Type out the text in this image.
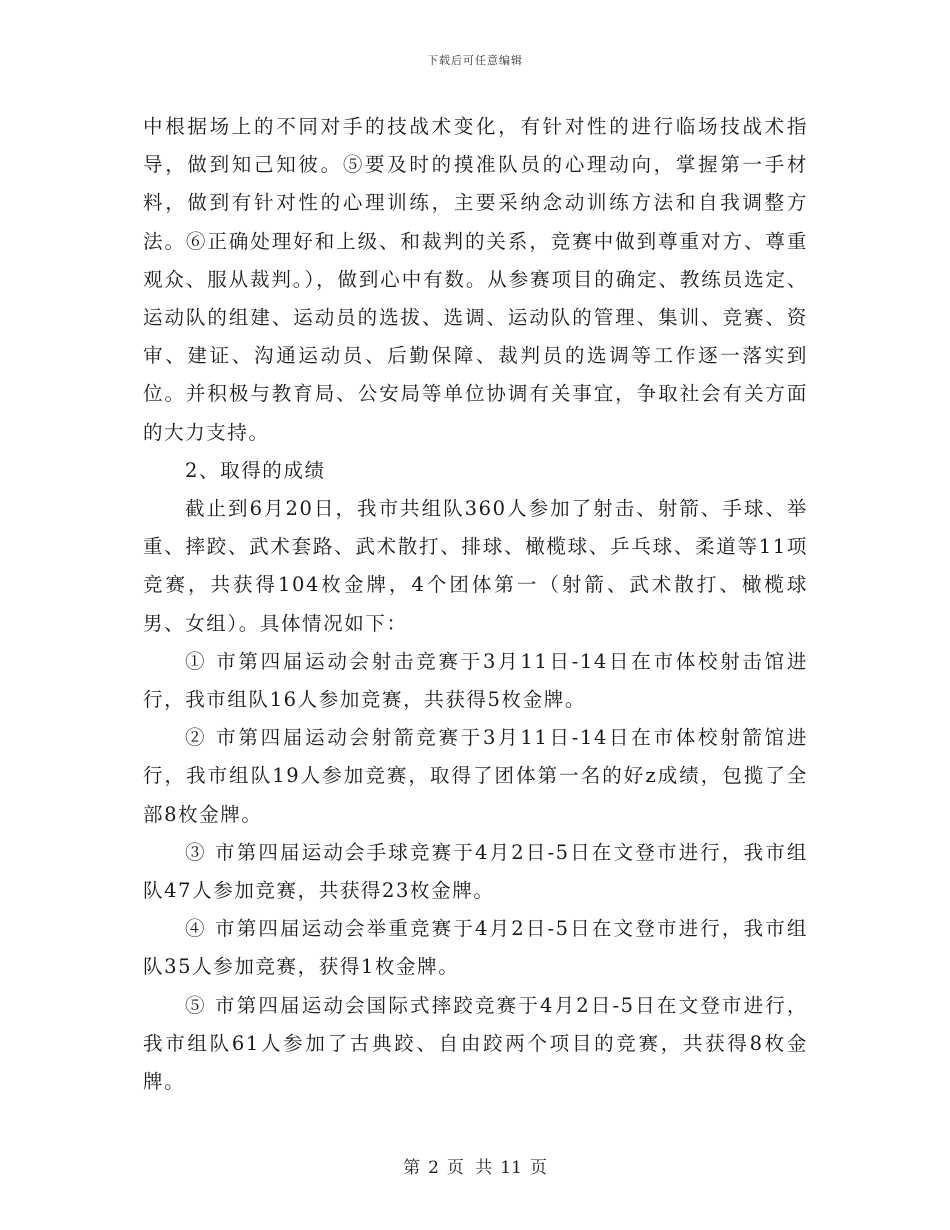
下载后可任意编辑

中根据场上的不同对手的技战术变化，有针对性的进行临场技战术指导，做到知己知彼。⑤要及时的摸准队员的心理动向，掌握第一手材料，做到有针对性的心理训练，主要采纳念动训练方法和自我调整方法。⑥正确处理好和上级、和裁判的关系，竞赛中做到尊重对方、尊重观众、服从裁判。），做到心中有数。从参赛项目的确定、教练员选定、运动队的组建、运动员的选拔、选调、运动队的管理、集训、竞赛、资审、建证、沟通运动员、后勤保障、裁判员的选调等工作逐一落实到位。并积极与教育局、公安局等单位协调有关事宜，争取社会有关方面的大力支持。

2、取得的成绩

截止到6月20日，我市共组队360人参加了射击、射箭、手球、举重、摔跤、武术套路、武术散打、排球、橄榄球、乒乓球、柔道等11项竞赛，共获得104枚金牌，4个团体第一（射箭、武术散打、橄榄球男、女组）。具体情况如下：

① 市第四届运动会射击竞赛于3月11日-14日在市体校射击馆进行，我市组队16人参加竞赛，共获得5枚金牌。

② 市第四届运动会射箭竞赛于3月11日-14日在市体校射箭馆进行，我市组队19人参加竞赛，取得了团体第一名的好z成绩，包揽了全部8枚金牌。

③ 市第四届运动会手球竞赛于4月2日-5日在文登市进行，我市组队47人参加竞赛，共获得23枚金牌。

④ 市第四届运动会举重竞赛于4月2日-5日在文登市进行，我市组队35人参加竞赛，获得1枚金牌。

⑤ 市第四届运动会国际式摔跤竞赛于4月2日-5日在文登市进行，我市组队61人参加了古典跤、自由跤两个项目的竞赛，共获得8枚金牌。

第 2 页 共 11 页
